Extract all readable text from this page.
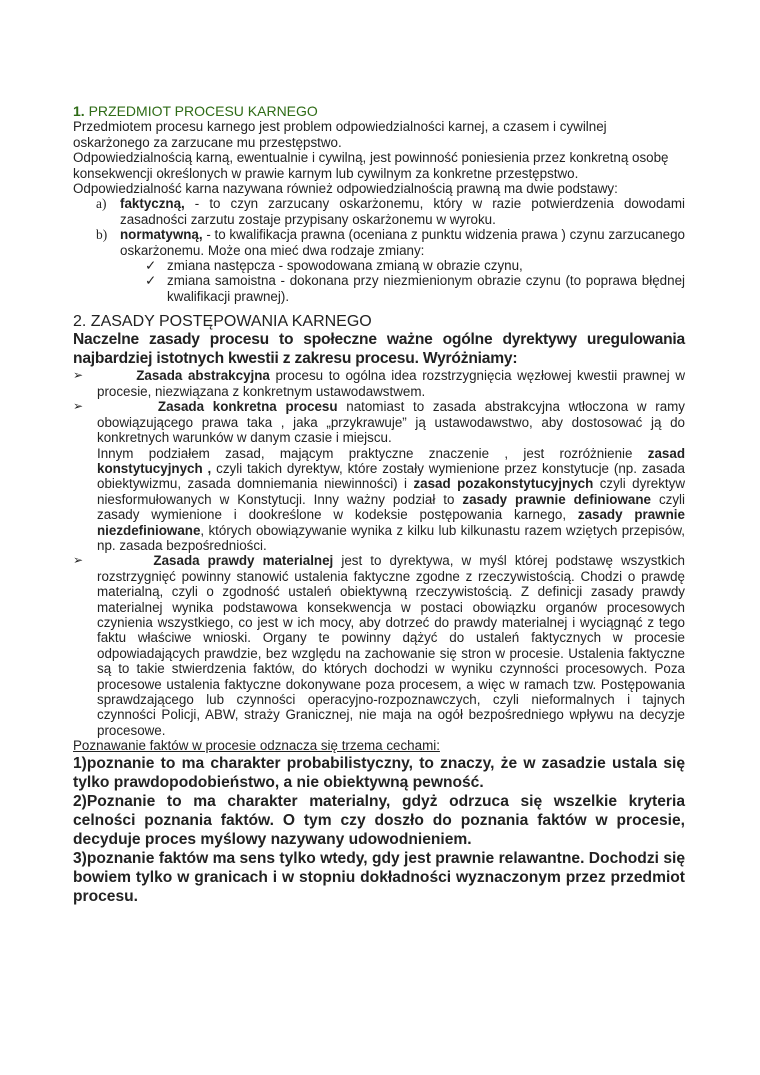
1. PRZEDMIOT PROCESU KARNEGO

Przedmiotem procesu karnego jest problem odpowiedzialności karnej, a czasem i cywilnej oskarżonego za zarzucane mu przestępstwo.

Odpowiedzialnością karną, ewentualnie i cywilną, jest powinność poniesienia przez konkretną osobę konsekwencji określonych w prawie karnym lub cywilnym za konkretne przestępstwo.

Odpowiedzialność karna nazywana również odpowiedzialnością prawną ma dwie podstawy:

a)	faktyczną, - to czyn zarzucany oskarżonemu, który w razie potwierdzenia dowodami zasadności zarzutu zostaje przypisany oskarżonemu w wyroku.
b) normatywną, - to kwalifikacja prawna (oceniana z punktu widzenia prawa ) czynu zarzucanego oskarżonemu. Może ona mieć dwa rodzaje zmiany:
✓ zmiana następcza - spowodowana zmianą w obrazie czynu,
✓ zmiana samoistna - dokonana przy niezmienionym obrazie czynu (to poprawa błędnej kwalifikacji prawnej).

2. ZASADY POSTĘPOWANIA KARNEGO

Naczelne zasady procesu to społeczne ważne ogólne dyrektywy uregulowania najbardziej istotnych kwestii z zakresu procesu. Wyróżniamy:

➢	Zasada abstrakcyjna procesu to ogólna idea rozstrzygnięcia węzłowej kwestii prawnej w procesie, niezwiązana z konkretnym ustawodawstwem.
➢	Zasada konkretna procesu natomiast to zasada abstrakcyjna wtłoczona w ramy obowiązującego prawa taka , jaka „przykrawuje” ją ustawodawstwo, aby dostosować ją do konkretnych warunków w danym czasie i miejscu.

Innym podziałem zasad, mającym praktyczne znaczenie , jest rozróżnienie zasad konstytucyjnych , czyli takich dyrektyw, które zostały wymienione przez konstytucje (np. zasada obiektywizmu, zasada domniemania niewinności) i zasad pozakonstytucyjnych czyli dyrektyw niesformułowanych w Konstytucji. Inny ważny podział to zasady prawnie definiowane czyli zasady wymienione i dookreślone w kodeksie postępowania karnego, zasady prawnie niezdefiniowane, których obowiązywanie wynika z kilku lub kilkunastu razem wziętych przepisów, np. zasada bezpośredniości.

➢	Zasada prawdy materialnej jest to dyrektywa, w myśl której podstawę wszystkich rozstrzygnięć powinny stanowić ustalenia faktyczne zgodne z rzeczywistością. Chodzi o prawdę materialną, czyli o zgodność ustaleń obiektywną rzeczywistością. Z definicji zasady prawdy materialnej wynika podstawowa konsekwencja w postaci obowiązku organów procesowych czynienia wszystkiego, co jest w ich mocy, aby dotrzeć do prawdy materialnej i wyciągnąć z tego faktu właściwe wnioski. Organy te powinny dążyć do ustaleń faktycznych w procesie odpowiadających prawdzie, bez względu na zachowanie się stron w procesie. Ustalenia faktyczne są to takie stwierdzenia faktów, do których dochodzi w wyniku czynności procesowych. Poza procesowe ustalenia faktyczne dokonywane poza procesem, a więc w ramach tzw. Postępowania sprawdzającego lub czynności operacyjno-rozpoznawczych, czyli nieformalnych i tajnych czynności Policji, ABW, straży Granicznej, nie maja na ogół bezpośredniego wpływu na decyzje procesowe.

Poznawanie faktów w procesie odznacza się trzema cechami:

1)poznanie to ma charakter probabilistyczny, to znaczy, że w zasadzie ustala się tylko prawdopodobieństwo, a nie obiektywną pewność.

2)Poznanie to ma charakter materialny, gdyż odrzuca się wszelkie kryteria celności poznania faktów. O tym czy doszło do poznania faktów w procesie, decyduje proces myślowy nazywany udowodnieniem.

3)poznanie faktów ma sens tylko wtedy, gdy jest prawnie relawantne. Dochodzi się bowiem tylko w granicach i w stopniu dokładności wyznaczonym przez przedmiot procesu.
